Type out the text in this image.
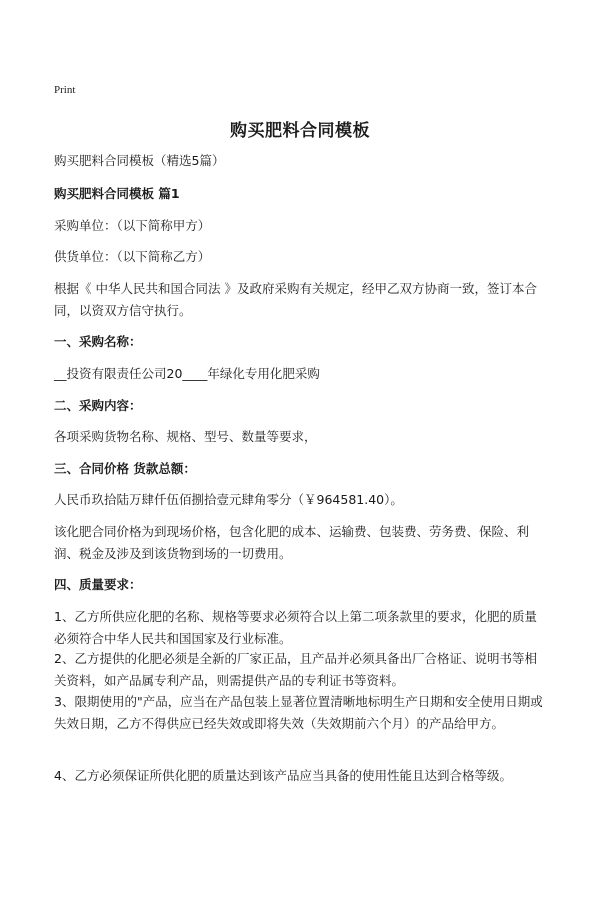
Print
购买肥料合同模板
购买肥料合同模板（精选5篇）
购买肥料合同模板 篇1
采购单位：（以下简称甲方）
供货单位：（以下简称乙方）
根据《 中华人民共和国合同法 》及政府采购有关规定，经甲乙双方协商一致，签订本合同，以资双方信守执行。
一、采购名称：
__投资有限责任公司20____年绿化专用化肥采购
二、采购内容：
各项采购货物名称、规格、型号、数量等要求，
三、合同价格 货款总额：
人民币玖拾陆万肆仟伍佰捌拾壹元肆角零分（￥964581.40）。
该化肥合同价格为到现场价格，包含化肥的成本、运输费、包装费、劳务费、保险、利润、税金及涉及到该货物到场的一切费用。
四、质量要求：
1、乙方所供应化肥的名称、规格等要求必须符合以上第二项条款里的要求，化肥的质量必须符合中华人民共和国国家及行业标准。
2、乙方提供的化肥必须是全新的厂家正品，且产品并必须具备出厂合格证、说明书等相关资料，如产品属专利产品，则需提供产品的专利证书等资料。
3、限期使用的"产品，应当在产品包装上显著位置清晰地标明生产日期和安全使用日期或失效日期，乙方不得供应已经失效或即将失效（失效期前六个月）的产品给甲方。
4、乙方必须保证所供化肥的质量达到该产品应当具备的使用性能且达到合格等级。
